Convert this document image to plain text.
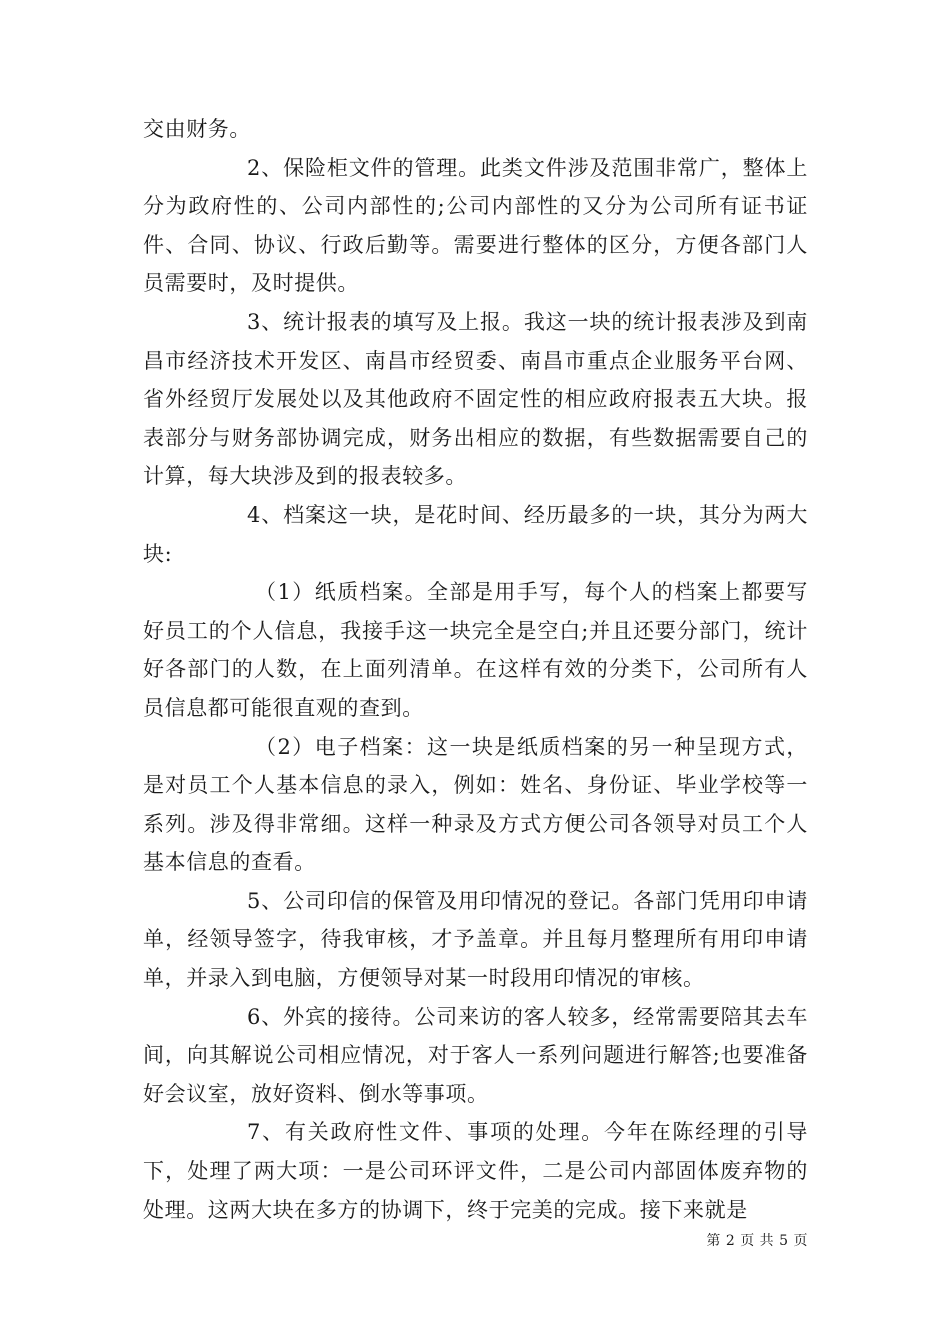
交由财务。

2、保险柜文件的管理。此类文件涉及范围非常广，整体上分为政府性的、公司内部性的;公司内部性的又分为公司所有证书证件、合同、协议、行政后勤等。需要进行整体的区分，方便各部门人员需要时，及时提供。

3、统计报表的填写及上报。我这一块的统计报表涉及到南昌市经济技术开发区、南昌市经贸委、南昌市重点企业服务平台网、省外经贸厅发展处以及其他政府不固定性的相应政府报表五大块。报表部分与财务部协调完成，财务出相应的数据，有些数据需要自己的计算，每大块涉及到的报表较多。

4、档案这一块，是花时间、经历最多的一块，其分为两大块:

（1）纸质档案。全部是用手写，每个人的档案上都要写好员工的个人信息，我接手这一块完全是空白;并且还要分部门，统计好各部门的人数，在上面列清单。在这样有效的分类下，公司所有人员信息都可能很直观的查到。

（2）电子档案：这一块是纸质档案的另一种呈现方式，是对员工个人基本信息的录入，例如：姓名、身份证、毕业学校等一系列。涉及得非常细。这样一种录及方式方便公司各领导对员工个人基本信息的查看。

5、公司印信的保管及用印情况的登记。各部门凭用印申请单，经领导签字，待我审核，才予盖章。并且每月整理所有用印申请单，并录入到电脑，方便领导对某一时段用印情况的审核。

6、外宾的接待。公司来访的客人较多，经常需要陪其去车间，向其解说公司相应情况，对于客人一系列问题进行解答;也要准备好会议室，放好资料、倒水等事项。

7、有关政府性文件、事项的处理。今年在陈经理的引导下，处理了两大项：一是公司环评文件，二是公司内部固体废弃物的处理。这两大块在多方的协调下，终于完美的完成。接下来就是

第 2 页 共 5 页
